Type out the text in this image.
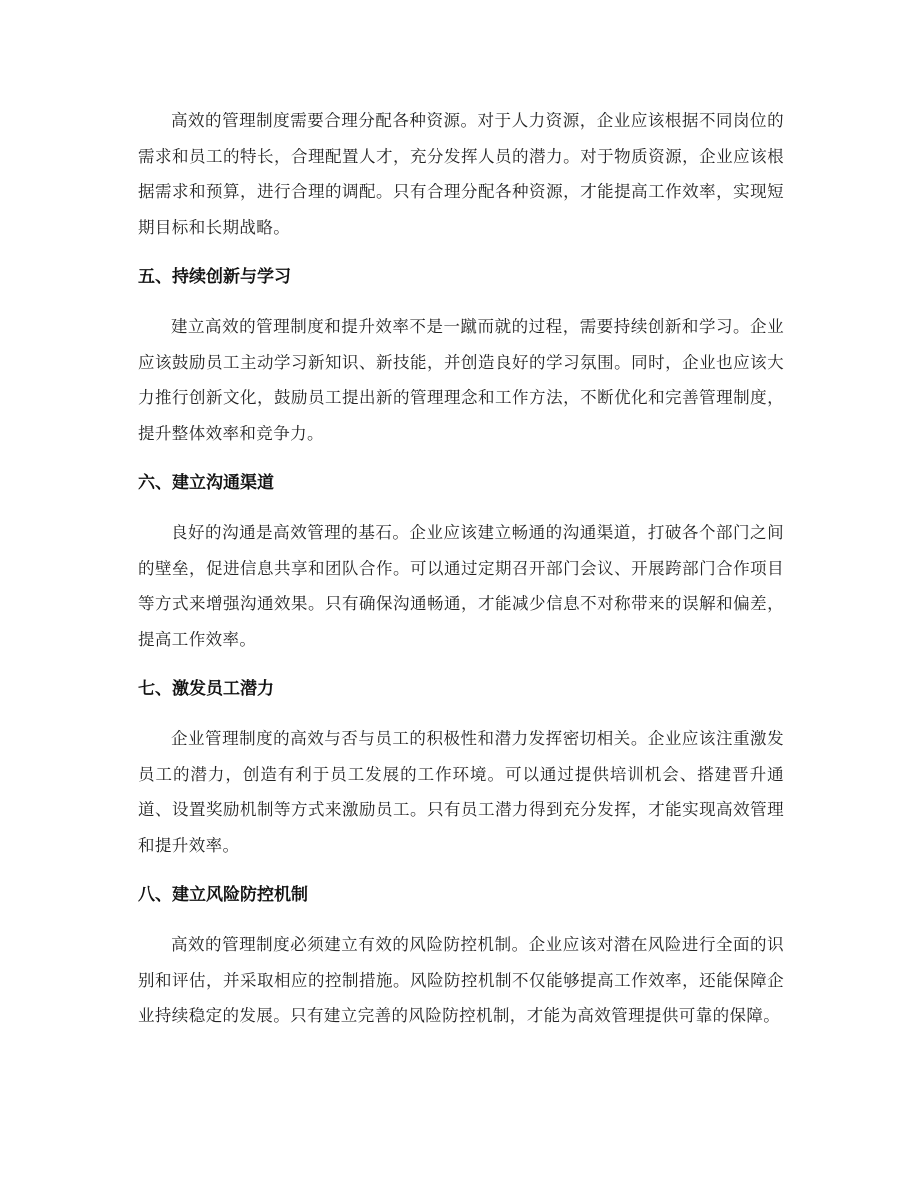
高效的管理制度需要合理分配各种资源。对于人力资源，企业应该根据不同岗位的需求和员工的特长，合理配置人才，充分发挥人员的潜力。对于物质资源，企业应该根据需求和预算，进行合理的调配。只有合理分配各种资源，才能提高工作效率，实现短期目标和长期战略。

五、持续创新与学习

建立高效的管理制度和提升效率不是一蹴而就的过程，需要持续创新和学习。企业应该鼓励员工主动学习新知识、新技能，并创造良好的学习氛围。同时，企业也应该大力推行创新文化，鼓励员工提出新的管理理念和工作方法，不断优化和完善管理制度，提升整体效率和竞争力。

六、建立沟通渠道

良好的沟通是高效管理的基石。企业应该建立畅通的沟通渠道，打破各个部门之间的壁垒，促进信息共享和团队合作。可以通过定期召开部门会议、开展跨部门合作项目等方式来增强沟通效果。只有确保沟通畅通，才能减少信息不对称带来的误解和偏差，提高工作效率。

七、激发员工潜力

企业管理制度的高效与否与员工的积极性和潜力发挥密切相关。企业应该注重激发员工的潜力，创造有利于员工发展的工作环境。可以通过提供培训机会、搭建晋升通道、设置奖励机制等方式来激励员工。只有员工潜力得到充分发挥，才能实现高效管理和提升效率。

八、建立风险防控机制

高效的管理制度必须建立有效的风险防控机制。企业应该对潜在风险进行全面的识别和评估，并采取相应的控制措施。风险防控机制不仅能够提高工作效率，还能保障企业持续稳定的发展。只有建立完善的风险防控机制，才能为高效管理提供可靠的保障。
